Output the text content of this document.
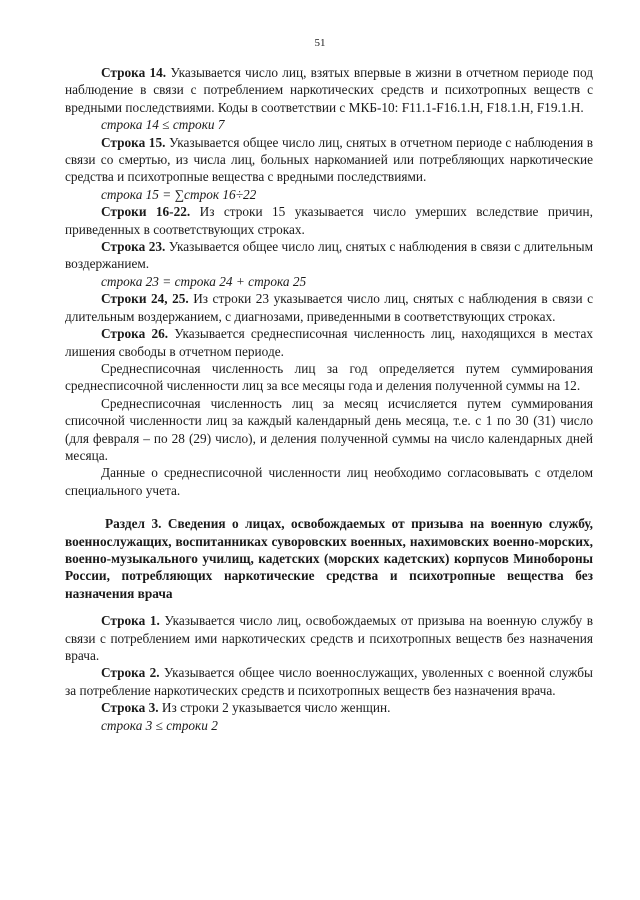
51

Строка 14. Указывается число лиц, взятых впервые в жизни в отчетном периоде под наблюдение в связи с потреблением наркотических средств и психотропных веществ с вредными последствиями. Коды в соответствии с МКБ-10: F11.1-F16.1.Н, F18.1.Н, F19.1.Н.

строка 14 ≤ строки 7

Строка 15. Указывается общее число лиц, снятых в отчетном периоде с наблюдения в связи со смертью, из числа лиц, больных наркоманией или потребляющих наркотические средства и психотропные вещества с вредными последствиями.

строка 15 = ∑строк 16÷22

Строки 16-22. Из строки 15 указывается число умерших вследствие причин, приведенных в соответствующих строках.

Строка 23. Указывается общее число лиц, снятых с наблюдения в связи с длительным воздержанием.

строка 23 = строка 24 + строка 25

Строки 24, 25. Из строки 23 указывается число лиц, снятых с наблюдения в связи с длительным воздержанием, с диагнозами, приведенными в соответствующих строках.

Строка 26. Указывается среднесписочная численность лиц, находящихся в местах лишения свободы в отчетном периоде.

Среднесписочная численность лиц за год определяется путем суммирования среднесписочной численности лиц за все месяцы года и деления полученной суммы на 12.

Среднесписочная численность лиц за месяц исчисляется путем суммирования списочной численности лиц за каждый календарный день месяца, т.е. с 1 по 30 (31) число (для февраля – по 28 (29) число), и деления полученной суммы на число календарных дней месяца.

Данные о среднесписочной численности лиц необходимо согласовывать с отделом специального учета.

Раздел 3. Сведения о лицах, освобождаемых от призыва на военную службу, военнослужащих, воспитанниках суворовских военных, нахимовских военно-морских, военно-музыкального училищ, кадетских (морских кадетских) корпусов Минобороны России, потребляющих наркотические средства и психотропные вещества без назначения врача

Строка 1. Указывается число лиц, освобождаемых от призыва на военную службу в связи с потреблением ими наркотических средств и психотропных веществ без назначения врача.

Строка 2. Указывается общее число военнослужащих, уволенных с военной службы за потребление наркотических средств и психотропных веществ без назначения врача.

Строка 3. Из строки 2 указывается число женщин.

строка 3 ≤ строки 2
